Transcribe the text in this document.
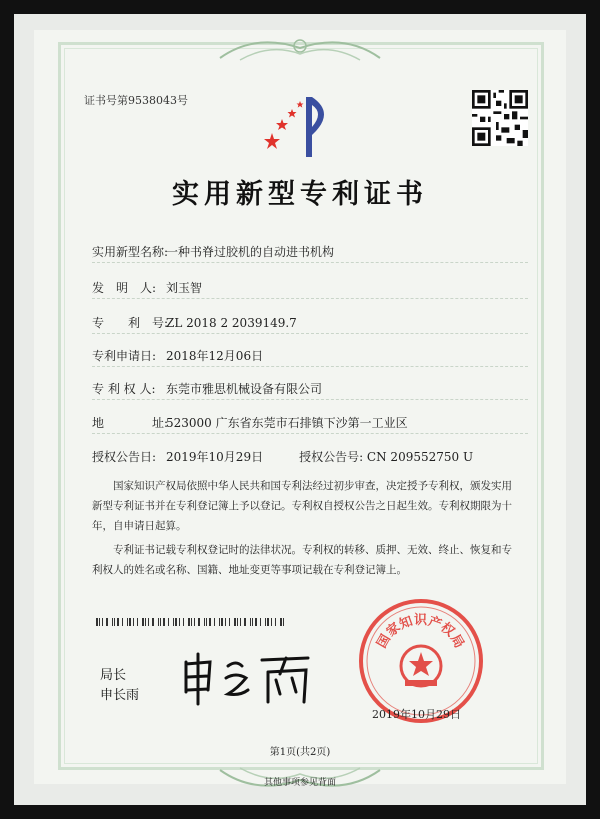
证书号第9538043号
实用新型专利证书
实用新型名称:一种书脊过胶机的自动进书机构
发　明　人: 刘玉智
专　　利　号:ZL 2018 2 2039149.7
专利申请日: 2018年12月06日
专 利 权 人: 东莞市雅思机械设备有限公司
地　　　　址:523000 广东省东莞市石排镇下沙第一工业区
授权公告日: 2019年10月29日　　　授权公告号: CN 209552750 U

国家知识产权局依照中华人民共和国专利法经过初步审查，决定授予专利权，颁发实用新型专利证书并在专利登记簿上予以登记。专利权自授权公告之日起生效。专利权期限为十年，自申请日起算。

专利证书记载专利权登记时的法律状况。专利权的转移、质押、无效、终止、恢复和专利权人的姓名或名称、国籍、地址变更等事项记载在专利登记簿上。

局长
申长雨
国
家
知 识 产
权
局
2019年10月29日
第1页(共2页)
其他事项参见背面
